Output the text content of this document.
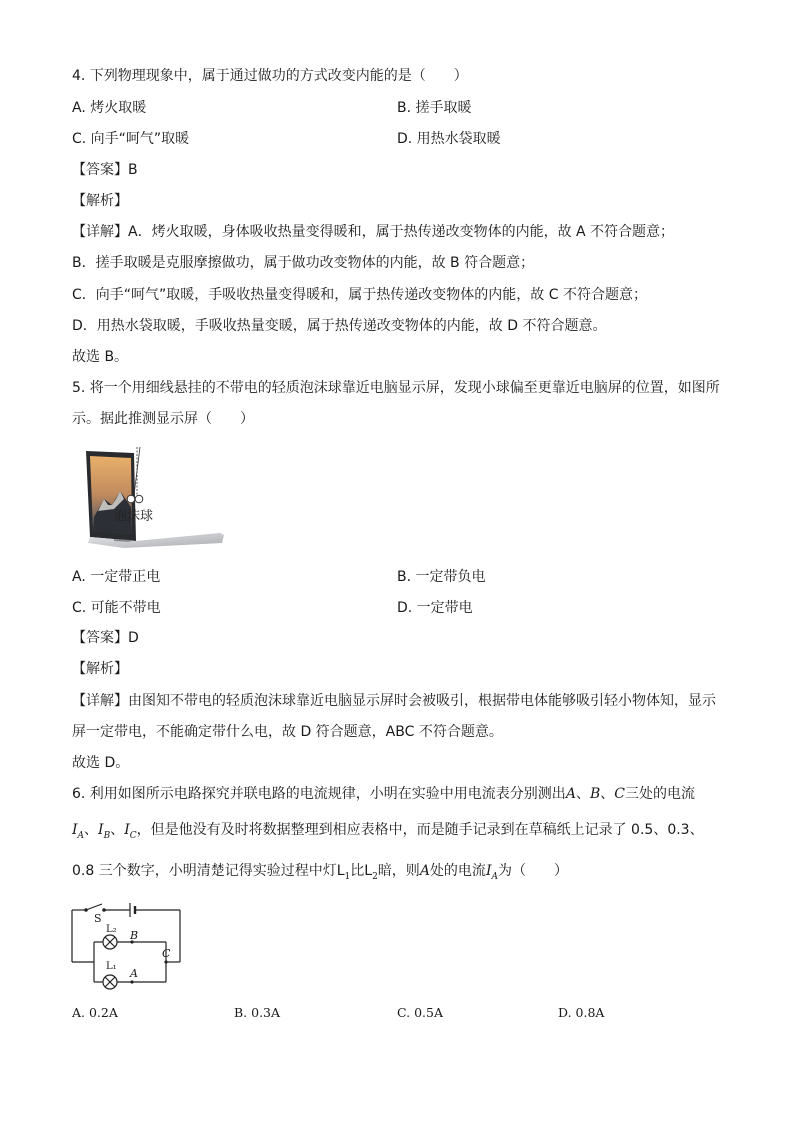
4. 下列物理现象中，属于通过做功的方式改变内能的是（　　）
A. 烤火取暖	B. 搓手取暖
C. 向手“呵气”取暖	D. 用热水袋取暖
【答案】B
【解析】
【详解】A．烤火取暖，身体吸收热量变得暖和，属于热传递改变物体的内能，故 A 不符合题意；
B．搓手取暖是克服摩擦做功，属于做功改变物体的内能，故 B 符合题意；
C．向手“呵气”取暖，手吸收热量变得暖和，属于热传递改变物体的内能，故 C 不符合题意；
D．用热水袋取暖，手吸收热量变暖，属于热传递改变物体的内能，故 D 不符合题意。
故选 B。
5. 将一个用细线悬挂的不带电的轻质泡沫球靠近电脑显示屏，发现小球偏至更靠近电脑屏的位置，如图所
示。据此推测显示屏（　　）
泡沫球
A. 一定带正电	B. 一定带负电
C. 可能不带电	D. 一定带电
【答案】D
【解析】
【详解】由图知不带电的轻质泡沫球靠近电脑显示屏时会被吸引，根据带电体能够吸引轻小物体知，显示
屏一定带电，不能确定带什么电，故 D 符合题意，ABC 不符合题意。
故选 D。
6. 利用如图所示电路探究并联电路的电流规律，小明在实验中用电流表分别测出A、B、C三处的电流
$I_A$、$I_B$、$I_C$，但是他没有及时将数据整理到相应表格中，而是随手记录到在草稿纸上记录了 0.5、0.3、
0.8 三个数字，小明清楚记得实验过程中灯$L_1$比$L_2$暗，则A处的电流$I_A$为（　　）
S
L₂ B
C
L₁
A
A. 0.2A	B. 0.3A	C. 0.5A	D. 0.8A
